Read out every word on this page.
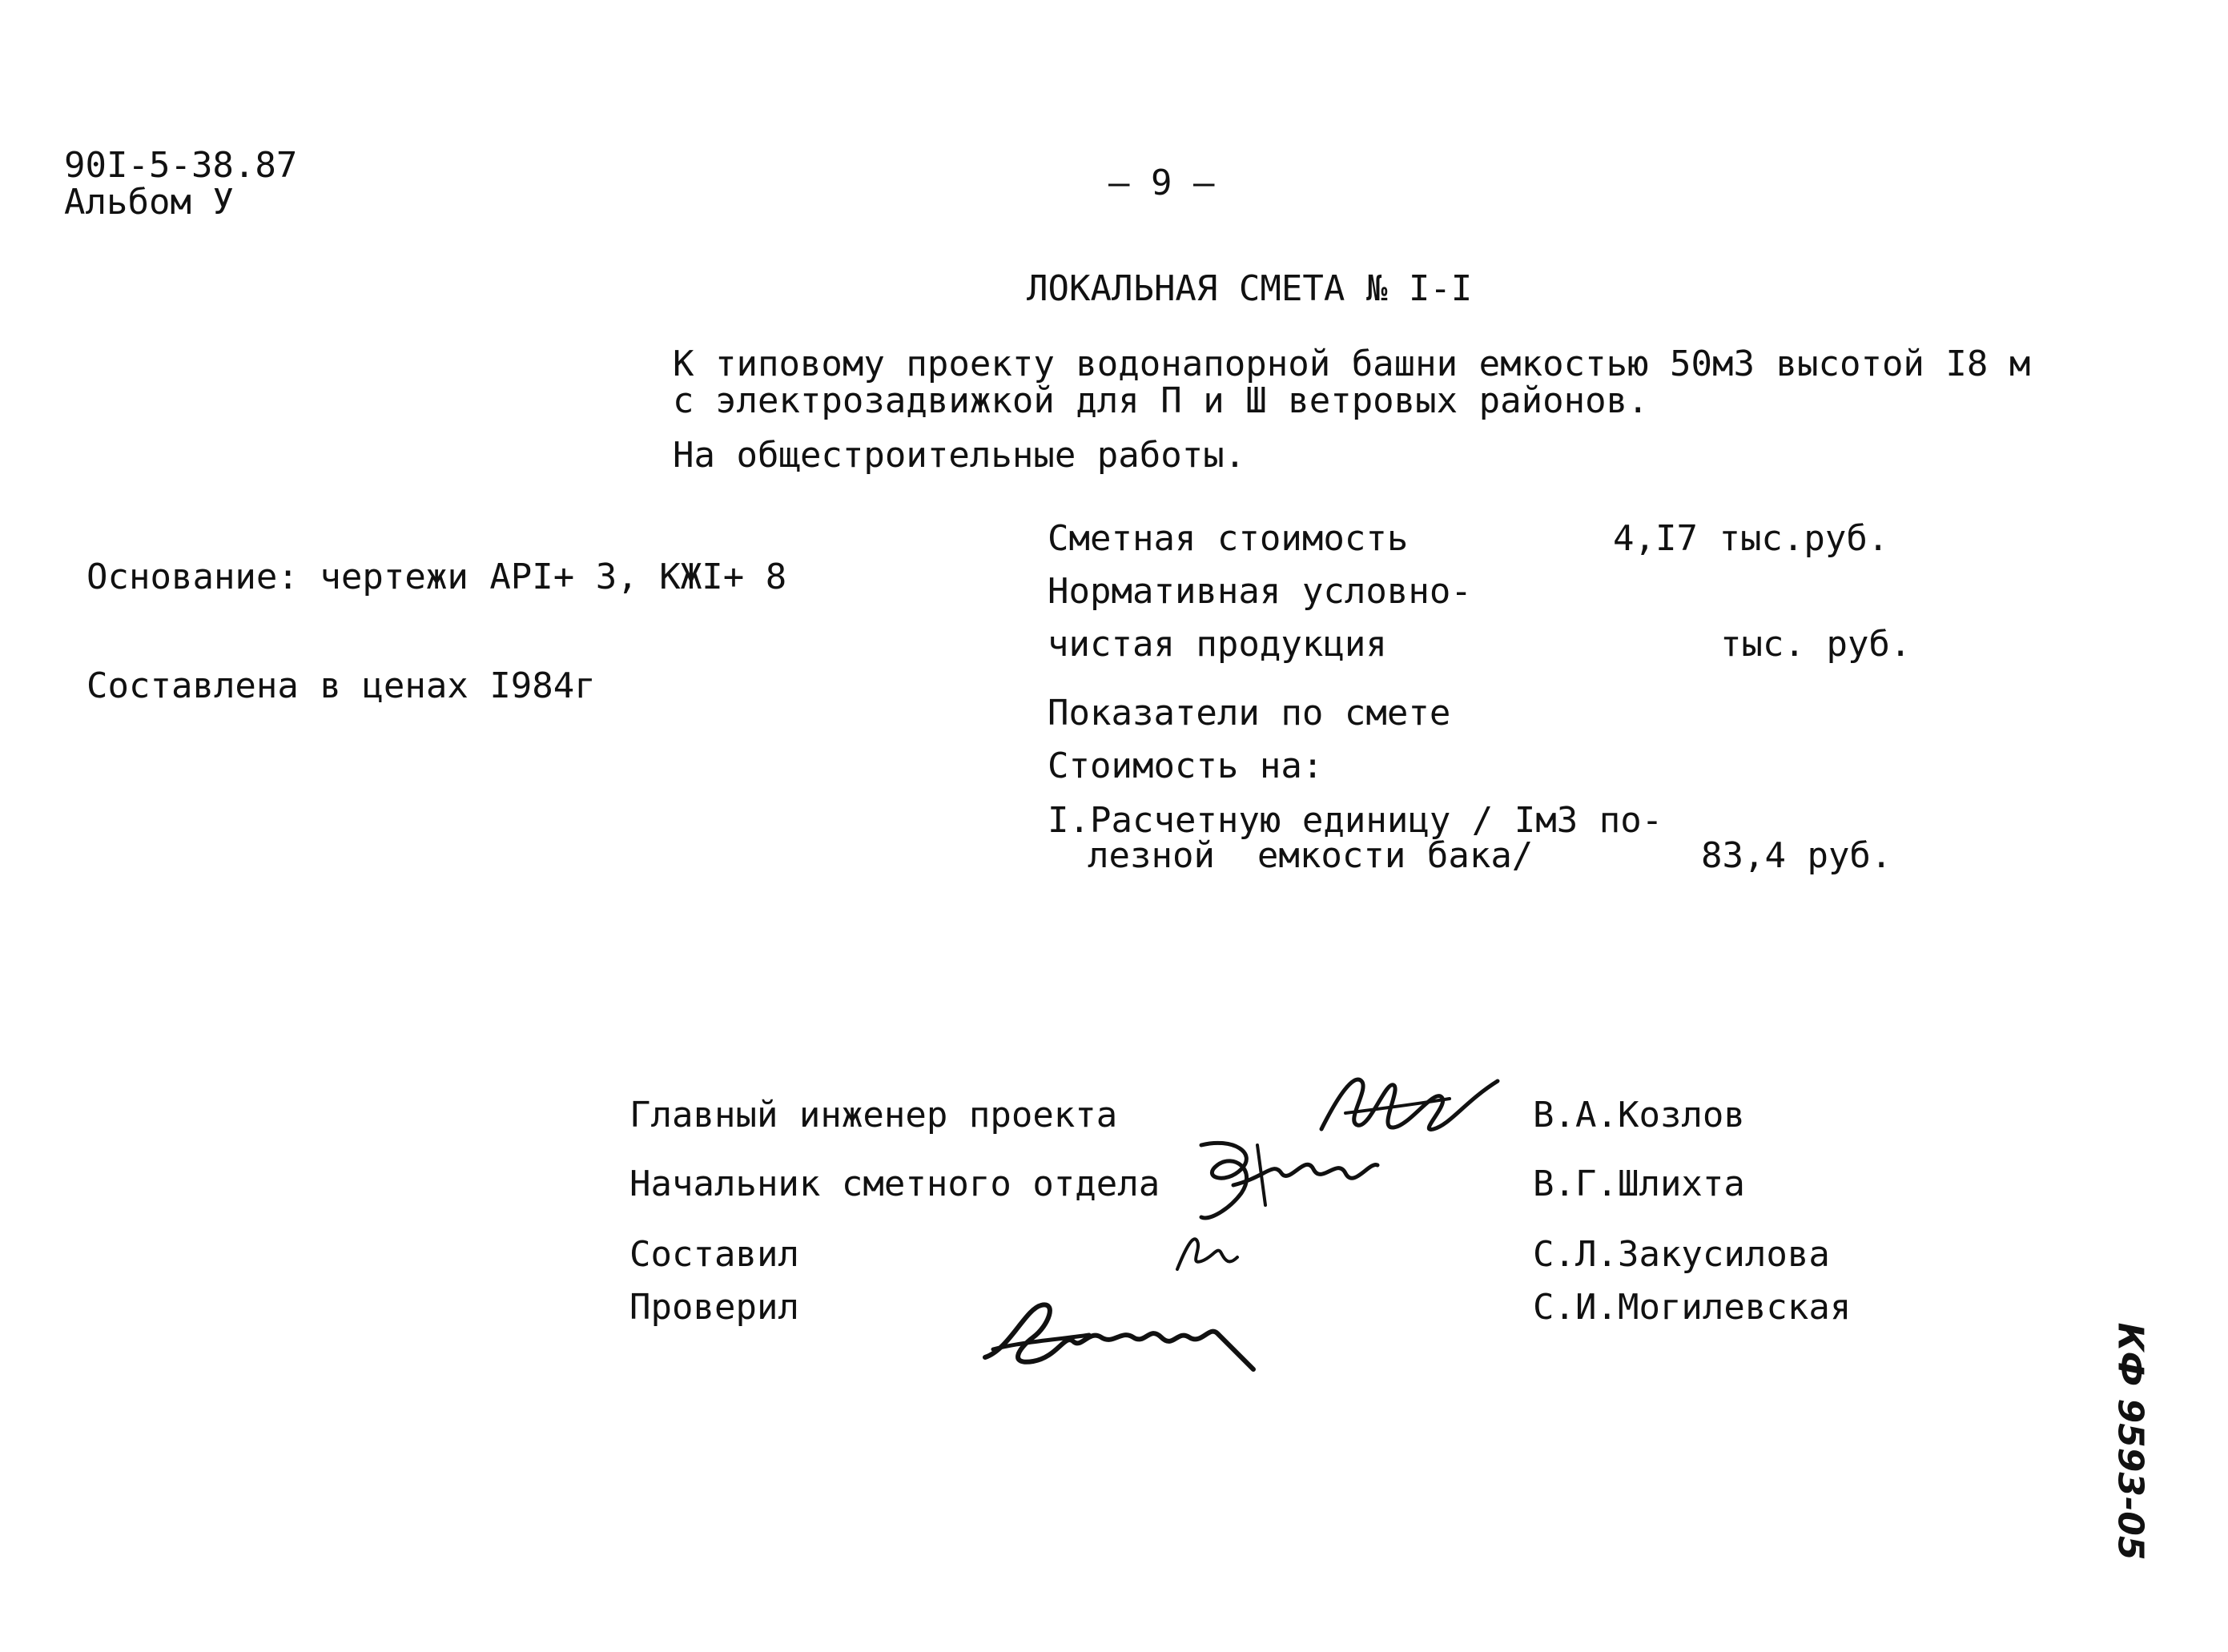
90I-5-38.87
Альбом У	– 9 –
ЛОКАЛЬНАЯ СМЕТА № I-I
К типовому проекту водонапорной башни емкостью 50мЗ высотой I8 м
с электрозадвижкой для П и Ш ветровых районов.
На общестроительные работы.
Основание: чертежи АРI+ 3, КЖI+ 8
Составлена в ценах I984г
Сметная стоимость	4,I7 тыс.руб.
Нормативная условно-
чистая продукция	тыс. руб.
Показатели по смете
Стоимость на:
I.Расчетную единицу / IмЗ по-
лезной  емкости бака/	83,4 руб.
Главный инженер проекта	В.А.Козлов
Начальник сметного отдела	В.Г.Шлихта
Составил	С.Л.Закусилова
Проверил	С.И.Могилевская
КФ 9593-05
